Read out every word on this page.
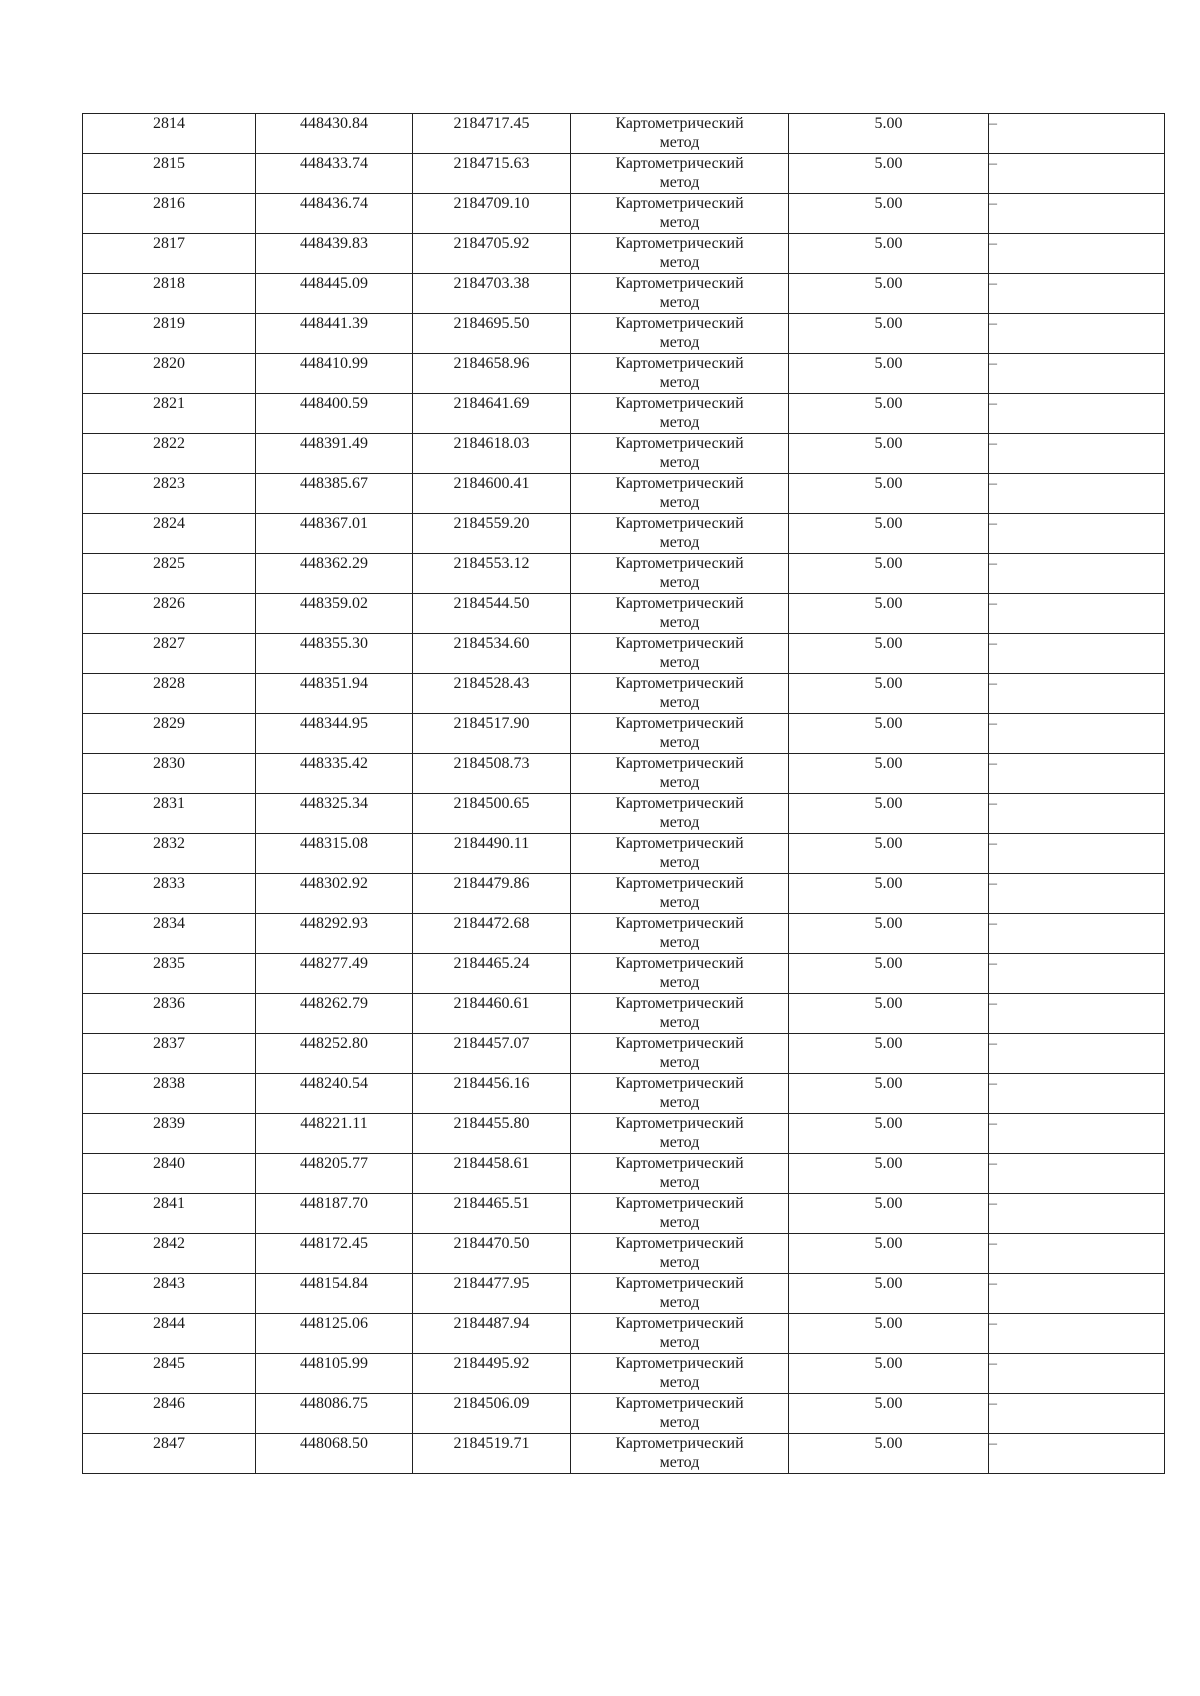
2814	448430.84	2184717.45	Картометрический
метод	5.00	–
2815	448433.74	2184715.63	Картометрический
метод	5.00	–
2816	448436.74	2184709.10	Картометрический
метод	5.00	–
2817	448439.83	2184705.92	Картометрический
метод	5.00	–
2818	448445.09	2184703.38	Картометрический
метод	5.00	–
2819	448441.39	2184695.50	Картометрический
метод	5.00	–
2820	448410.99	2184658.96	Картометрический
метод	5.00	–
2821	448400.59	2184641.69	Картометрический
метод	5.00	–
2822	448391.49	2184618.03	Картометрический
метод	5.00	–
2823	448385.67	2184600.41	Картометрический
метод	5.00	–
2824	448367.01	2184559.20	Картометрический
метод	5.00	–
2825	448362.29	2184553.12	Картометрический
метод	5.00	–
2826	448359.02	2184544.50	Картометрический
метод	5.00	–
2827	448355.30	2184534.60	Картометрический
метод	5.00	–
2828	448351.94	2184528.43	Картометрический
метод	5.00	–
2829	448344.95	2184517.90	Картометрический
метод	5.00	–
2830	448335.42	2184508.73	Картометрический
метод	5.00	–
2831	448325.34	2184500.65	Картометрический
метод	5.00	–
2832	448315.08	2184490.11	Картометрический
метод	5.00	–
2833	448302.92	2184479.86	Картометрический
метод	5.00	–
2834	448292.93	2184472.68	Картометрический
метод	5.00	–
2835	448277.49	2184465.24	Картометрический
метод	5.00	–
2836	448262.79	2184460.61	Картометрический
метод	5.00	–
2837	448252.80	2184457.07	Картометрический
метод	5.00	–
2838	448240.54	2184456.16	Картометрический
метод	5.00	–
2839	448221.11	2184455.80	Картометрический
метод	5.00	–
2840	448205.77	2184458.61	Картометрический
метод	5.00	–
2841	448187.70	2184465.51	Картометрический
метод	5.00	–
2842	448172.45	2184470.50	Картометрический
метод	5.00	–
2843	448154.84	2184477.95	Картометрический
метод	5.00	–
2844	448125.06	2184487.94	Картометрический
метод	5.00	–
2845	448105.99	2184495.92	Картометрический
метод	5.00	–
2846	448086.75	2184506.09	Картометрический
метод	5.00	–
2847	448068.50	2184519.71	Картометрический
метод	5.00	–
